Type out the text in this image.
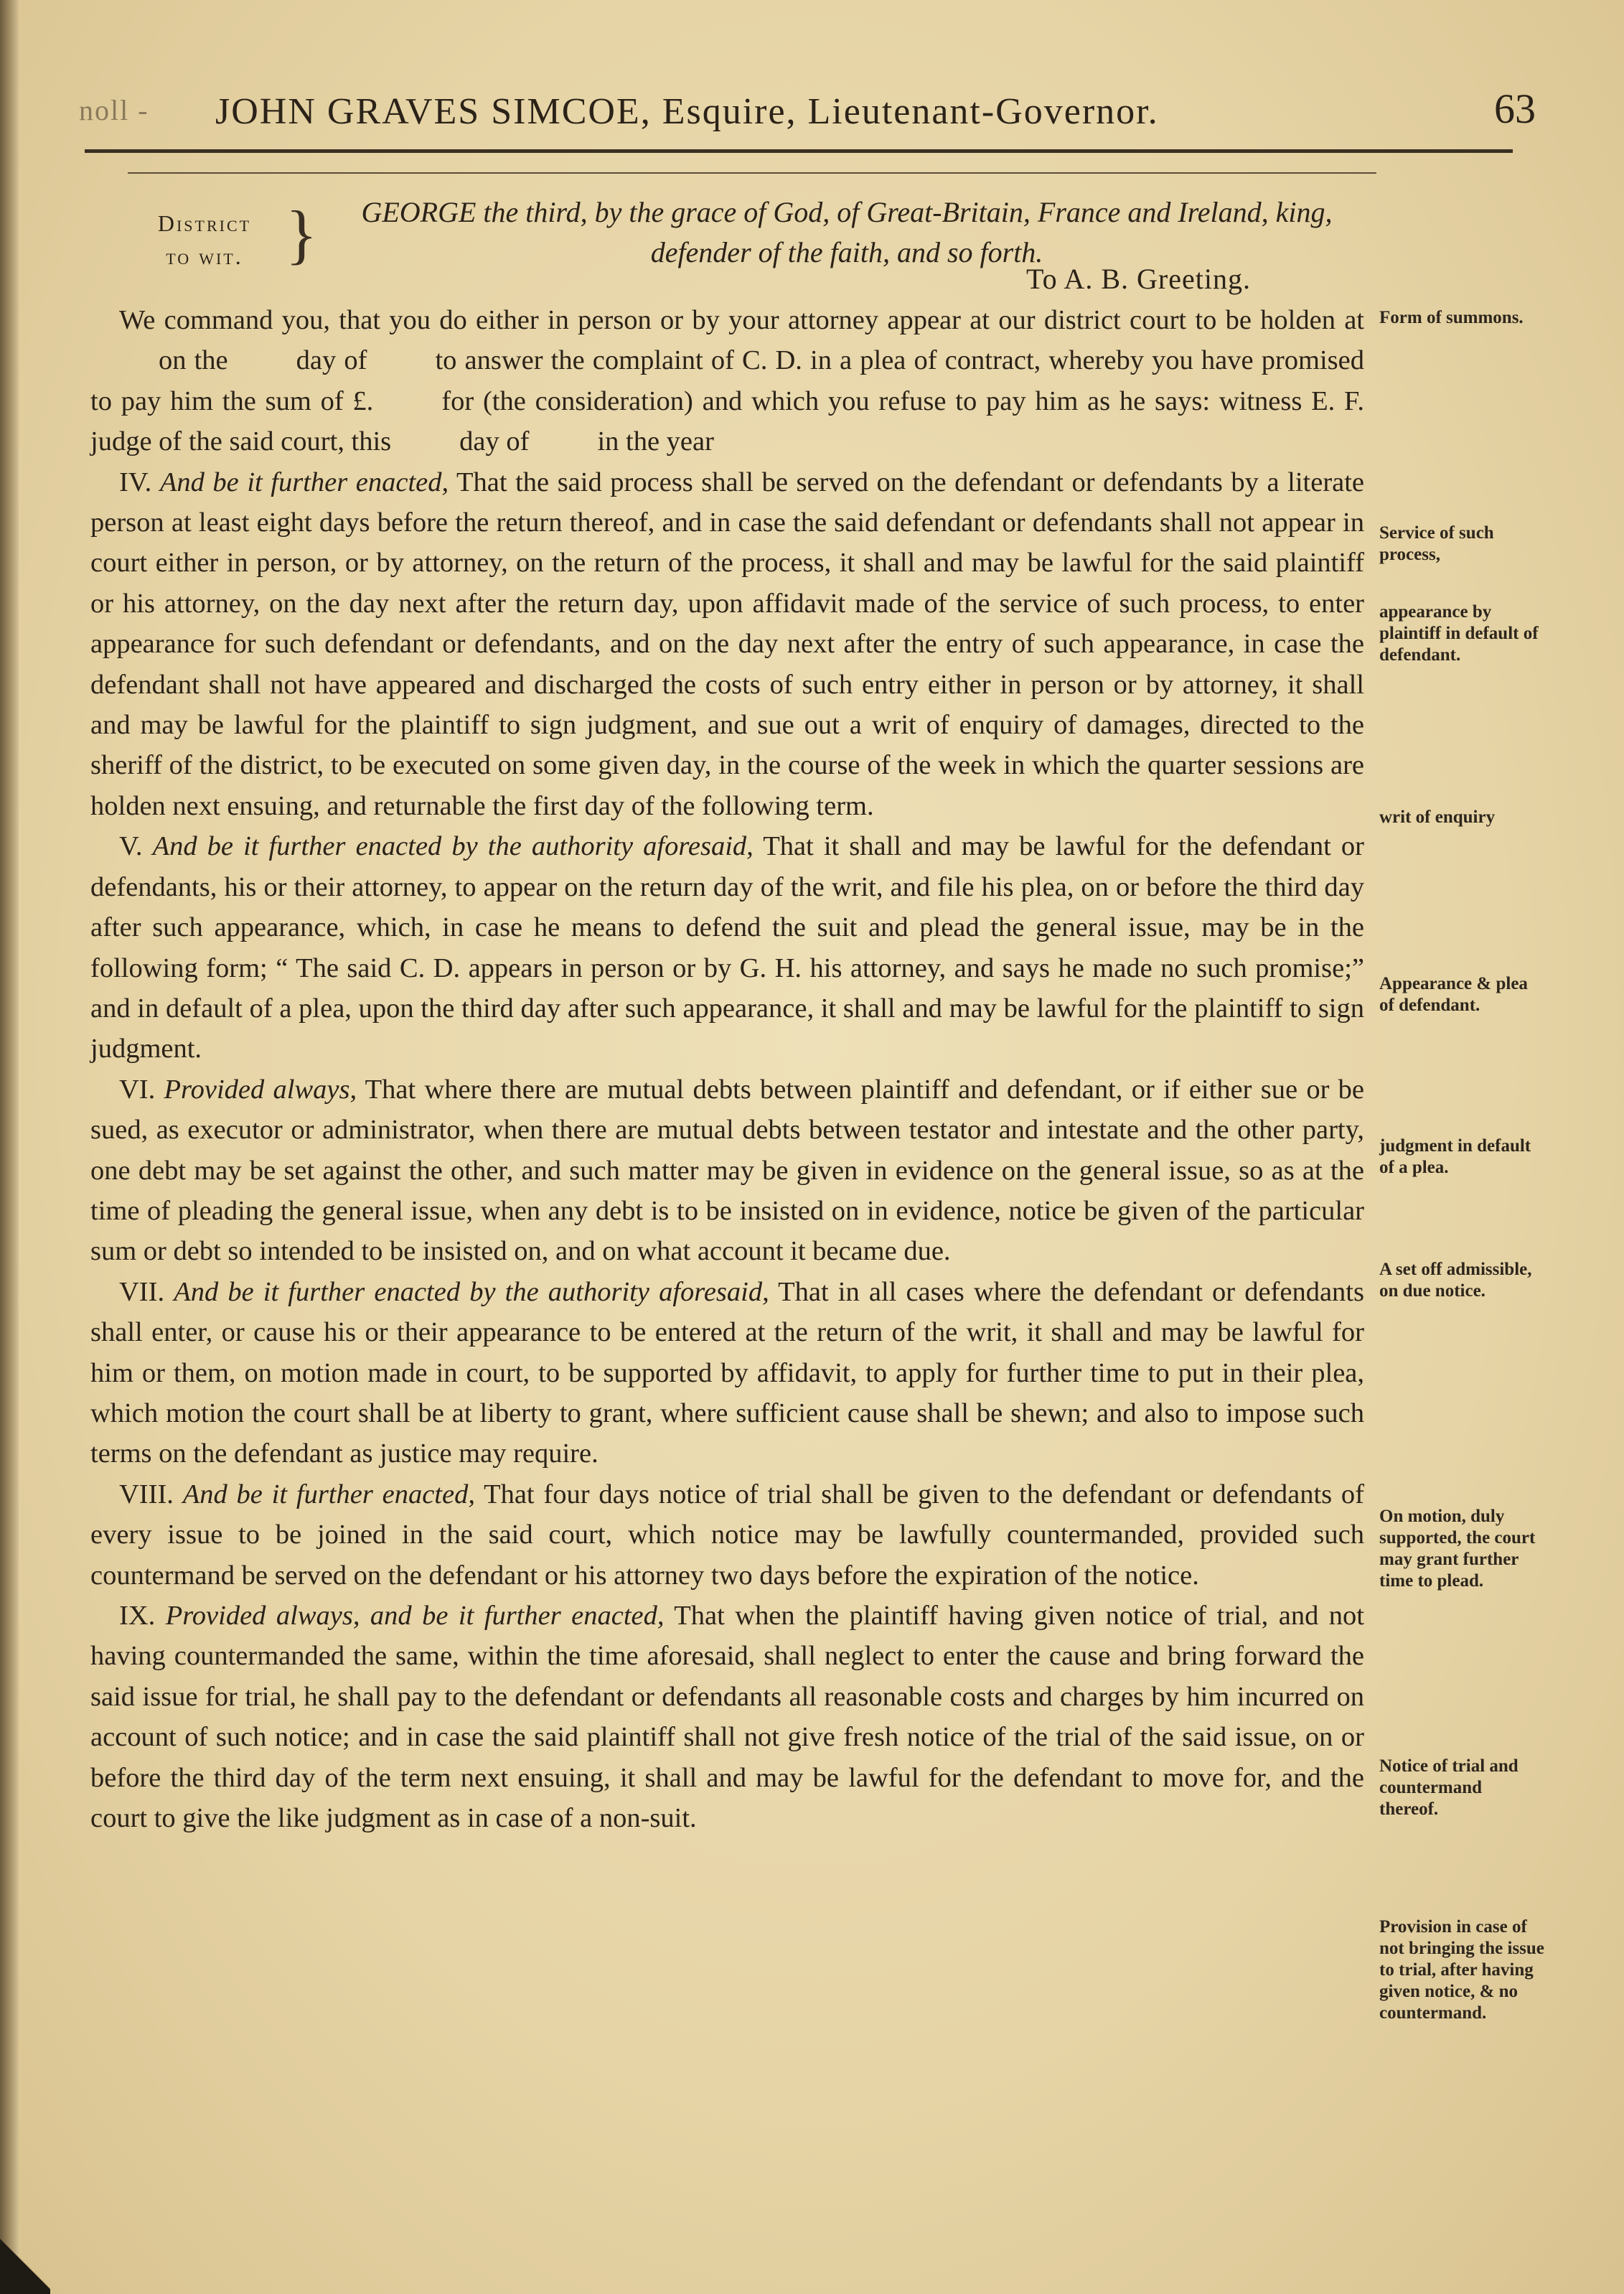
noll - JOHN GRAVES SIMCOE, Esquire, Lieutenant-Governor.	63
District
to wit. }	GEORGE the third, by the grace of God, of Great-Britain, France and Ireland, king,
defender of the faith, and so forth.
To A. B. Greeting.

We command you, that you do either in person or by your attorney appear at our district court to be holden aton the day of to answer the complaint of C. D. in a plea of contract, whereby you have promised to pay him the sum of £. for (the consideration) and which you refuse to pay him as he says: witness E. F. judge of the said court, this day of in the year

IV. And be it further enacted, That the said process shall be served on the defendant or defendants by a literate person at least eight days before the return thereof, and in case the said defendant or defendants shall not appear in court either in person, or by attorney, on the return of the process, it shall and may be lawful for the said plaintiff or his attorney, on the day next after the return day, upon affidavit made of the service of such process, to enter appearance for such defendant or defendants, and on the day next after the entry of such appearance, in case the defendant shall not have appeared and discharged the costs of such entry either in person or by attorney, it shall and may be lawful for the plaintiff to sign judgment, and sue out a writ of enquiry of damages, directed to the sheriff of the district, to be executed on some given day, in the course of the week in which the quarter sessions are holden next ensuing, and returnable the first day of the following term.

V. And be it further enacted by the authority aforesaid, That it shall and may be lawful for the defendant or defendants, his or their attorney, to appear on the return day of the writ, and file his plea, on or before the third day after such appearance, which, in case he means to defend the suit and plead the general issue, may be in the following form; “ The said C. D. appears in person or by G. H. his attorney, and says he made no such promise;” and in default of a plea, upon the third day after such appearance, it shall and may be lawful for the plaintiff to sign judgment.

VI. Provided always, That where there are mutual debts between plaintiff and defendant, or if either sue or be sued, as executor or administrator, when there are mutual debts between testator and intestate and the other party, one debt may be set against the other, and such matter may be given in evidence on the general issue, so as at the time of pleading the general issue, when any debt is to be insisted on in evidence, notice be given of the particular sum or debt so intended to be insisted on, and on what account it became due.

VII. And be it further enacted by the authority aforesaid, That in all cases where the defendant or defendants shall enter, or cause his or their appearance to be entered at the return of the writ, it shall and may be lawful for him or them, on motion made in court, to be supported by affidavit, to apply for further time to put in their plea, which motion the court shall be at liberty to grant, where sufficient cause shall be shewn; and also to impose such terms on the defendant as justice may require.

VIII. And be it further enacted, That four days notice of trial shall be given to the defendant or defendants of every issue to be joined in the said court, which notice may be lawfully countermanded, provided such countermand be served on the defendant or his attorney two days before the expiration of the notice.

IX. Provided always, and be it further enacted, That when the plaintiff having given notice of trial, and not having countermanded the same, within the time aforesaid, shall neglect to enter the cause and bring forward the said issue for trial, he shall pay to the defendant or defendants all reasonable costs and charges by him incurred on account of such notice; and in case the said plaintiff shall not give fresh notice of the trial of the said issue, on or before the third day of the term next ensuing, it shall and may be lawful for the defendant to move for, and the court to give the like judgment as in case of a non-suit.

Form of summons.
Service of such process,
appearance by plaintiff in default of defendant.
writ of enquiry
Appearance & plea of defendant.
judgment in default of a plea.
A set off admissible, on due notice.
On motion, duly supported, the court may grant further time to plead.
Notice of trial and countermand thereof.
Provision in case of not bringing the issue to trial, after having given notice, & no countermand.
